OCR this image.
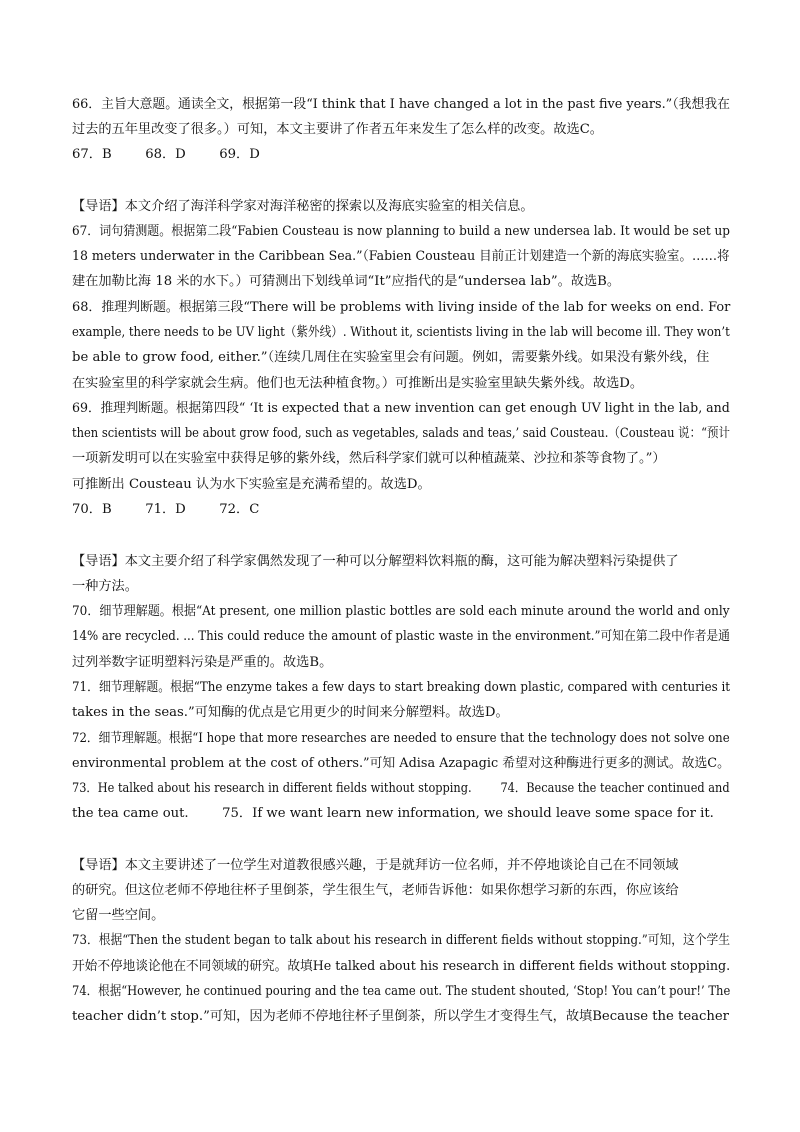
66．主旨大意题。通读全文，根据第一段“I think that I have changed a lot in the past five years.”（我想我在
过去的五年里改变了很多。）可知，本文主要讲了作者五年来发生了怎么样的改变。故选C。
67．B        68．D        69．D
【导语】本文介绍了海洋科学家对海洋秘密的探索以及海底实验室的相关信息。
67．词句猜测题。根据第二段“Fabien Cousteau is now planning to build a new undersea lab. It would be set up
18 meters underwater in the Caribbean Sea.”（Fabien Cousteau 目前正计划建造一个新的海底实验室。……将
建在加勒比海 18 米的水下。）可猜测出下划线单词“It”应指代的是“undersea lab”。故选B。
68．推理判断题。根据第三段“There will be problems with living inside of the lab for weeks on end. For
example, there needs to be UV light（紫外线）. Without it, scientists living in the lab will become ill. They won’t
be able to grow food, either.”（连续几周住在实验室里会有问题。例如，需要紫外线。如果没有紫外线，住
在实验室里的科学家就会生病。他们也无法种植食物。）可推断出是实验室里缺失紫外线。故选D。
69．推理判断题。根据第四段“ ‘It is expected that a new invention can get enough UV light in the lab, and
then scientists will be about grow food, such as vegetables, salads and teas,’ said Cousteau.（Cousteau 说：“预计
一项新发明可以在实验室中获得足够的紫外线，然后科学家们就可以种植蔬菜、沙拉和茶等食物了。”）
可推断出 Cousteau 认为水下实验室是充满希望的。故选D。
70．B        71．D        72．C
【导语】本文主要介绍了科学家偶然发现了一种可以分解塑料饮料瓶的酶，这可能为解决塑料污染提供了
一种方法。
70．细节理解题。根据“At present, one million plastic bottles are sold each minute around the world and only
14% are recycled. ... This could reduce the amount of plastic waste in the environment.”可知在第二段中作者是通
过列举数字证明塑料污染是严重的。故选B。
71．细节理解题。根据“The enzyme takes a few days to start breaking down plastic, compared with centuries it
takes in the seas.”可知酶的优点是它用更少的时间来分解塑料。故选D。
72．细节理解题。根据“I hope that more researches are needed to ensure that the technology does not solve one
environmental problem at the cost of others.”可知 Adisa Azapagic 希望对这种酶进行更多的测试。故选C。
73．He talked about his research in different fields without stopping.        74．Because the teacher continued and
the tea came out.        75．If we want learn new information, we should leave some space for it.
【导语】本文主要讲述了一位学生对道教很感兴趣，于是就拜访一位名师，并不停地谈论自己在不同领域
的研究。但这位老师不停地往杯子里倒茶，学生很生气，老师告诉他：如果你想学习新的东西，你应该给
它留一些空间。
73．根据“Then the student began to talk about his research in different fields without stopping.”可知，这个学生
开始不停地谈论他在不同领域的研究。故填He talked about his research in different fields without stopping.
74．根据“However, he continued pouring and the tea came out. The student shouted, ‘Stop! You can’t pour!’ The
teacher didn’t stop.”可知，因为老师不停地往杯子里倒茶，所以学生才变得生气，故填Because the teacher
